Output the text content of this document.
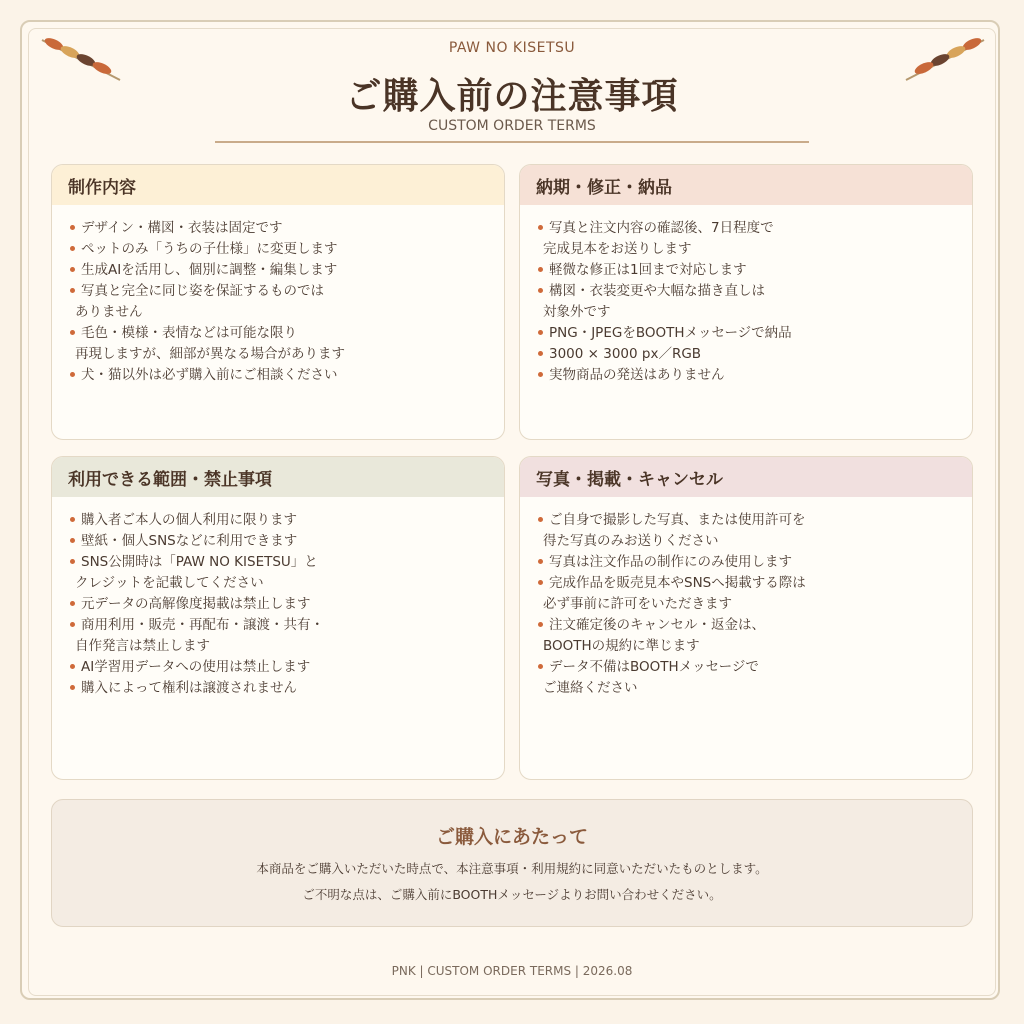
PAW NO KISETSU
ご購入前の注意事項
CUSTOM ORDER TERMS
制作内容
デザイン・構図・衣装は固定です
ペットのみ「うちの子仕様」に変更します
生成AIを活用し、個別に調整・編集します
写真と完全に同じ姿を保証するものでは
ありません
毛色・模様・表情などは可能な限り
再現しますが、細部が異なる場合があります
犬・猫以外は必ず購入前にご相談ください
納期・修正・納品
写真と注文内容の確認後、7日程度で
完成見本をお送りします
軽微な修正は1回まで対応します
構図・衣装変更や大幅な描き直しは
対象外です
PNG・JPEGをBOOTHメッセージで納品
3000 × 3000 px／RGB
実物商品の発送はありません
利用できる範囲・禁止事項
購入者ご本人の個人利用に限ります
壁紙・個人SNSなどに利用できます
SNS公開時は「PAW NO KISETSU」と
クレジットを記載してください
元データの高解像度掲載は禁止します
商用利用・販売・再配布・譲渡・共有・
自作発言は禁止します
AI学習用データへの使用は禁止します
購入によって権利は譲渡されません
写真・掲載・キャンセル
ご自身で撮影した写真、または使用許可を
得た写真のみお送りください
写真は注文作品の制作にのみ使用します
完成作品を販売見本やSNSへ掲載する際は
必ず事前に許可をいただきます
注文確定後のキャンセル・返金は、
BOOTHの規約に準じます
データ不備はBOOTHメッセージで
ご連絡ください
ご購入にあたって
本商品をご購入いただいた時点で、本注意事項・利用規約に同意いただいたものとします。
ご不明な点は、ご購入前にBOOTHメッセージよりお問い合わせください。
PNK | CUSTOM ORDER TERMS | 2026.08
